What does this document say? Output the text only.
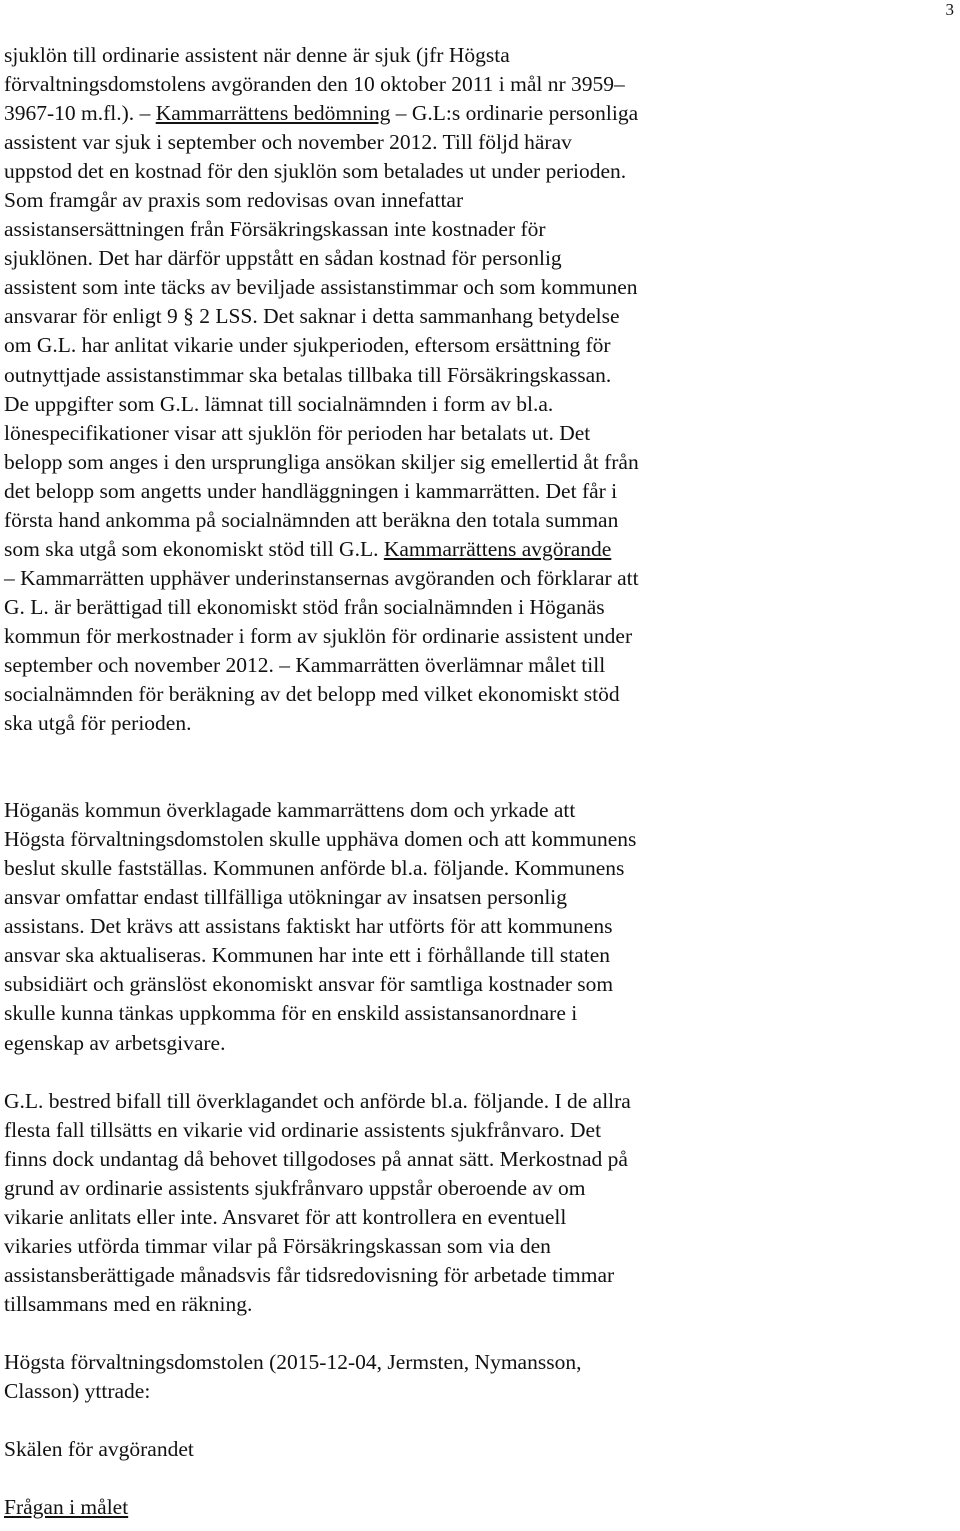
3

sjuklön till ordinarie assistent när denne är sjuk (jfr Högsta
förvaltningsdomstolens avgöranden den 10 oktober 2011 i mål nr 3959–
3967-10 m.fl.). – Kammarrättens bedömning – G.L:s ordinarie personliga
assistent var sjuk i september och november 2012. Till följd härav
uppstod det en kostnad för den sjuklön som betalades ut under perioden.
Som framgår av praxis som redovisas ovan innefattar
assistansersättningen från Försäkringskassan inte kostnader för
sjuklönen. Det har därför uppstått en sådan kostnad för personlig
assistent som inte täcks av beviljade assistanstimmar och som kommunen
ansvarar för enligt 9 § 2 LSS. Det saknar i detta sammanhang betydelse
om G.L. har anlitat vikarie under sjukperioden, eftersom ersättning för
outnyttjade assistanstimmar ska betalas tillbaka till Försäkringskassan.
De uppgifter som G.L. lämnat till socialnämnden i form av bl.a.
lönespecifikationer visar att sjuklön för perioden har betalats ut. Det
belopp som anges i den ursprungliga ansökan skiljer sig emellertid åt från
det belopp som angetts under handläggningen i kammarrätten. Det får i
första hand ankomma på socialnämnden att beräkna den totala summan
som ska utgå som ekonomiskt stöd till G.L. Kammarrättens avgörande
– Kammarrätten upphäver underinstansernas avgöranden och förklarar att
G. L. är berättigad till ekonomiskt stöd från socialnämnden i Höganäs
kommun för merkostnader i form av sjuklön för ordinarie assistent under
september och november 2012. – Kammarrätten överlämnar målet till
socialnämnden för beräkning av det belopp med vilket ekonomiskt stöd
ska utgå för perioden.

Höganäs kommun överklagade kammarrättens dom och yrkade att
Högsta förvaltningsdomstolen skulle upphäva domen och att kommunens
beslut skulle fastställas. Kommunen anförde bl.a. följande. Kommunens
ansvar omfattar endast tillfälliga utökningar av insatsen personlig
assistans. Det krävs att assistans faktiskt har utförts för att kommunens
ansvar ska aktualiseras. Kommunen har inte ett i förhållande till staten
subsidiärt och gränslöst ekonomiskt ansvar för samtliga kostnader som
skulle kunna tänkas uppkomma för en enskild assistansanordnare i
egenskap av arbetsgivare.

G.L. bestred bifall till överklagandet och anförde bl.a. följande. I de allra
flesta fall tillsätts en vikarie vid ordinarie assistents sjukfrånvaro. Det
finns dock undantag då behovet tillgodoses på annat sätt. Merkostnad på
grund av ordinarie assistents sjukfrånvaro uppstår oberoende av om
vikarie anlitats eller inte. Ansvaret för att kontrollera en eventuell
vikaries utförda timmar vilar på Försäkringskassan som via den
assistansberättigade månadsvis får tidsredovisning för arbetade timmar
tillsammans med en räkning.

Högsta förvaltningsdomstolen (2015-12-04, Jermsten, Nymansson,
Classon) yttrade:

Skälen för avgörandet

Frågan i målet
